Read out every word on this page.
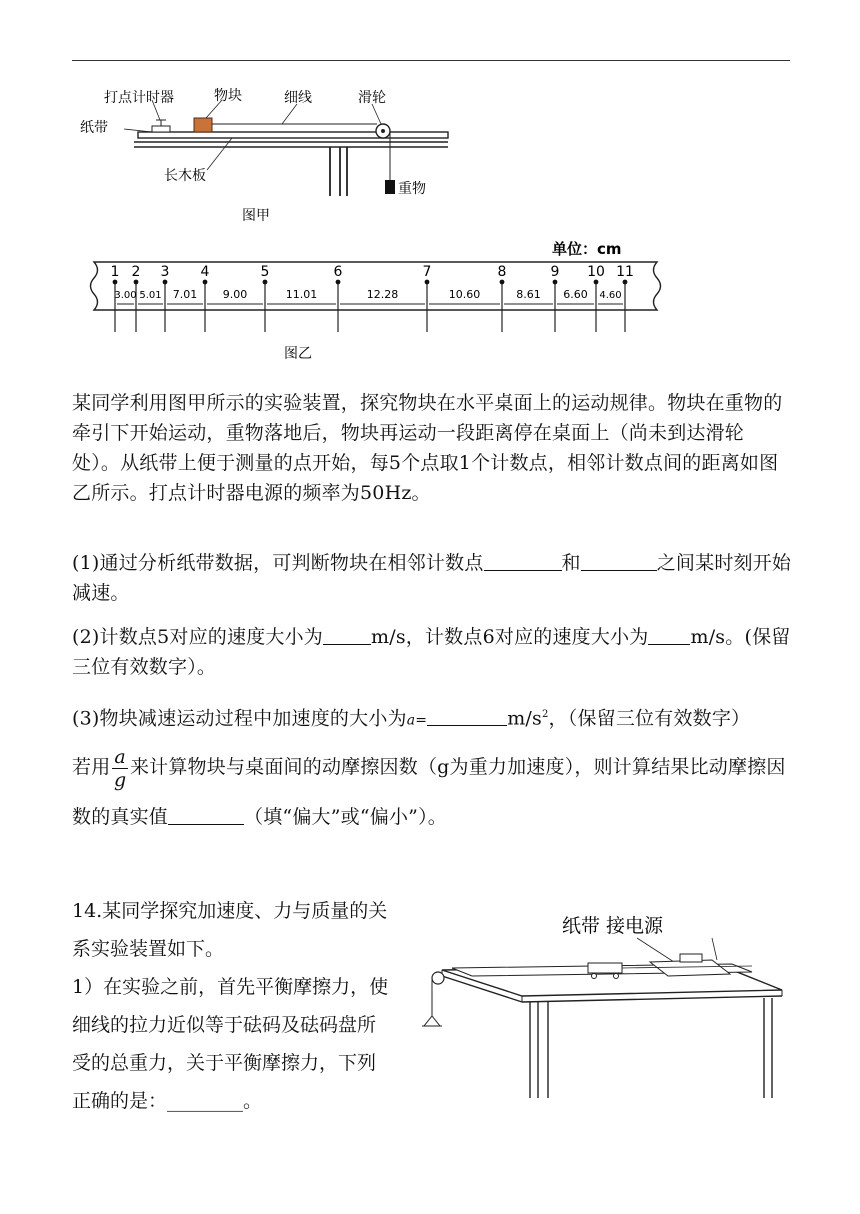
打点计时器	物块	细线	滑轮
纸带
长木板
重物
图甲
单位：cm
1 2 3 4	5	6	7	8	9 10 11
3.00 5.01 7.01 9.00	11.01	12.28	10.60	8.61 6.60 4.60
图乙
某同学利用图甲所示的实验装置，探究物块在水平桌面上的运动规律。物块在重物的牵引下开始运动，重物落地后，物块再运动一段距离停在桌面上（尚未到达滑轮处）。从纸带上便于测量的点开始，每5个点取1个计数点，相邻计数点间的距离如图乙所示。打点计时器电源的频率为50Hz。
(1)通过分析纸带数据，可判断物块在相邻计数点	和	之间某时刻开始减速。
(2)计数点5对应的速度大小为	m/s，计数点6对应的速度大小为 m/s。(保留三位有效数字）。
(3)物块减速运动过程中加速度的大小为a=	$m/s^2$，（保留三位有效数字）
若用 $\frac{a}{g}$ 来计算物块与桌面间的动摩擦因数（g为重力加速度），则计算结果比动摩擦因数的真实值	（填“偏大”或“偏小”）。
14.某同学探究加速度、力与质量的关
系实验装置如下。
1）在实验之前，首先平衡摩擦力，使
细线的拉力近似等于砝码及砝码盘所
受的总重力，关于平衡摩擦力，下列
正确的是：________。
纸带 接电源
